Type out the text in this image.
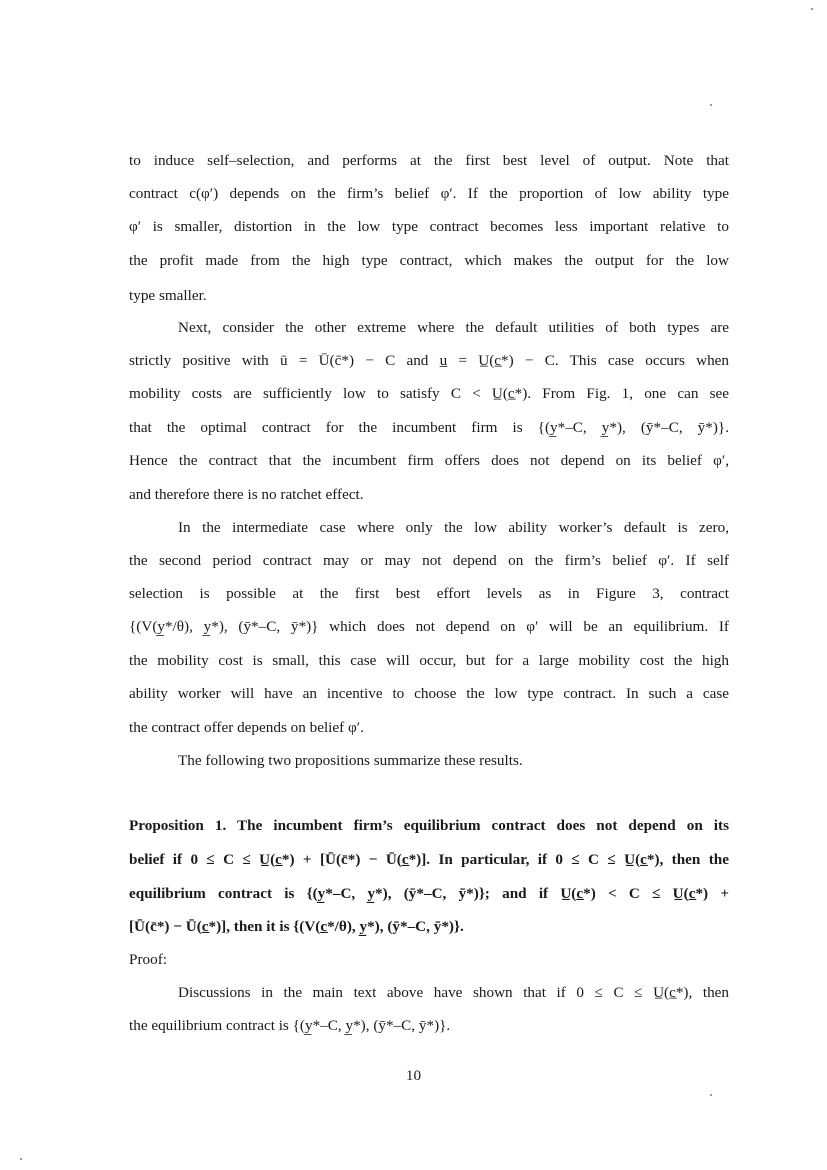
to induce self–selection, and performs at the first best level of output. Note that
contract c(φ′) depends on the firm’s belief φ′. If the proportion of low ability type
φ′ is smaller, distortion in the low type contract becomes less important relative to
the profit made from the high type contract, which makes the output for the low
type smaller.
Next, consider the other extreme where the default utilities of both types are
strictly positive with ū = Ū(c̄*) − C and u̲ = U̲(c̲*) − C. This case occurs when
mobility costs are sufficiently low to satisfy C < U̲(c̲*). From Fig. 1, one can see
that the optimal contract for the incumbent firm is {(y̲*–C, y̲*), (ȳ*–C, ȳ*)}.
Hence the contract that the incumbent firm offers does not depend on its belief φ′,
and therefore there is no ratchet effect.
In the intermediate case where only the low ability worker’s default is zero,
the second period contract may or may not depend on the firm’s belief φ′. If self
selection is possible at the first best effort levels as in Figure 3, contract
{(V(y̲*/θ), y̲*), (ȳ*–C, ȳ*)} which does not depend on φ′ will be an equilibrium. If
the mobility cost is small, this case will occur, but for a large mobility cost the high
ability worker will have an incentive to choose the low type contract. In such a case
the contract offer depends on belief φ′.
The following two propositions summarize these results.
Proposition 1. The incumbent firm’s equilibrium contract does not depend on its
belief if 0 ≤ C ≤ U̲(c̲*) + [Ū(c̄*) − Ū(c̲*)]. In particular, if 0 ≤ C ≤ U̲(c̲*), then the
equilibrium contract is {(y̲*–C, y̲*), (ȳ*–C, ȳ*)}; and if U̲(c̲*) < C ≤ U̲(c̲*) +
[Ū(c̄*) − Ū(c̲*)], then it is {(V(c̲*/θ), y̲*), (ȳ*–C, ȳ*)}.
Proof:
Discussions in the main text above have shown that if 0 ≤ C ≤ U̲(c̲*), then
the equilibrium contract is {(y̲*–C, y̲*), (ȳ*–C, ȳ*)}.
10
